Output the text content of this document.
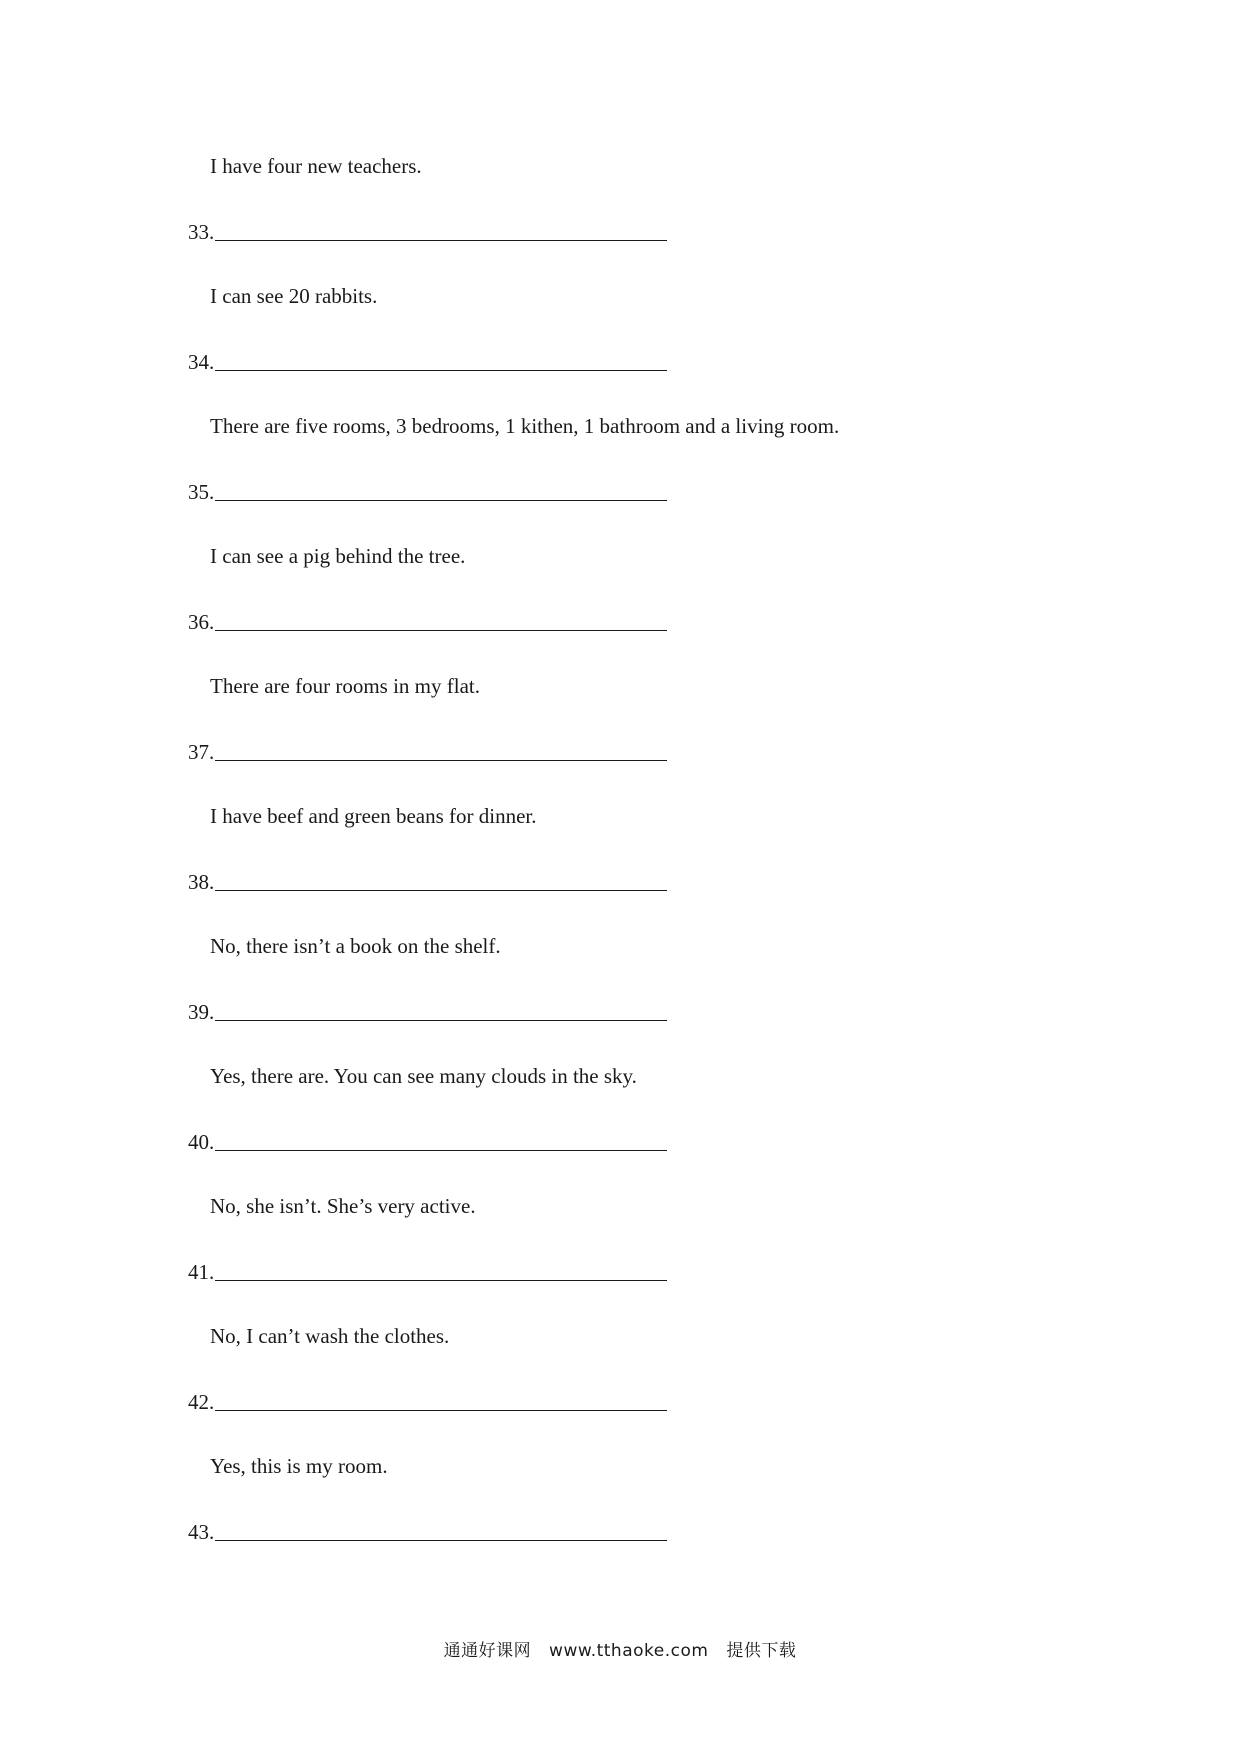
I have four new teachers.
33.
I can see 20 rabbits.
34.
There are five rooms, 3 bedrooms, 1 kithen, 1 bathroom and a living room.
35.
I can see a pig behind the tree.
36.
There are four rooms in my flat.
37.
I have beef and green beans for dinner.
38.
No, there isn’t a book on the shelf.
39.
Yes, there are. You can see many clouds in the sky.
40.
No, she isn’t. She’s very active.
41.
No, I can’t wash the clothes.
42.
Yes, this is my room.
43.
通通好课网 www.tthaoke.com 提供下载
